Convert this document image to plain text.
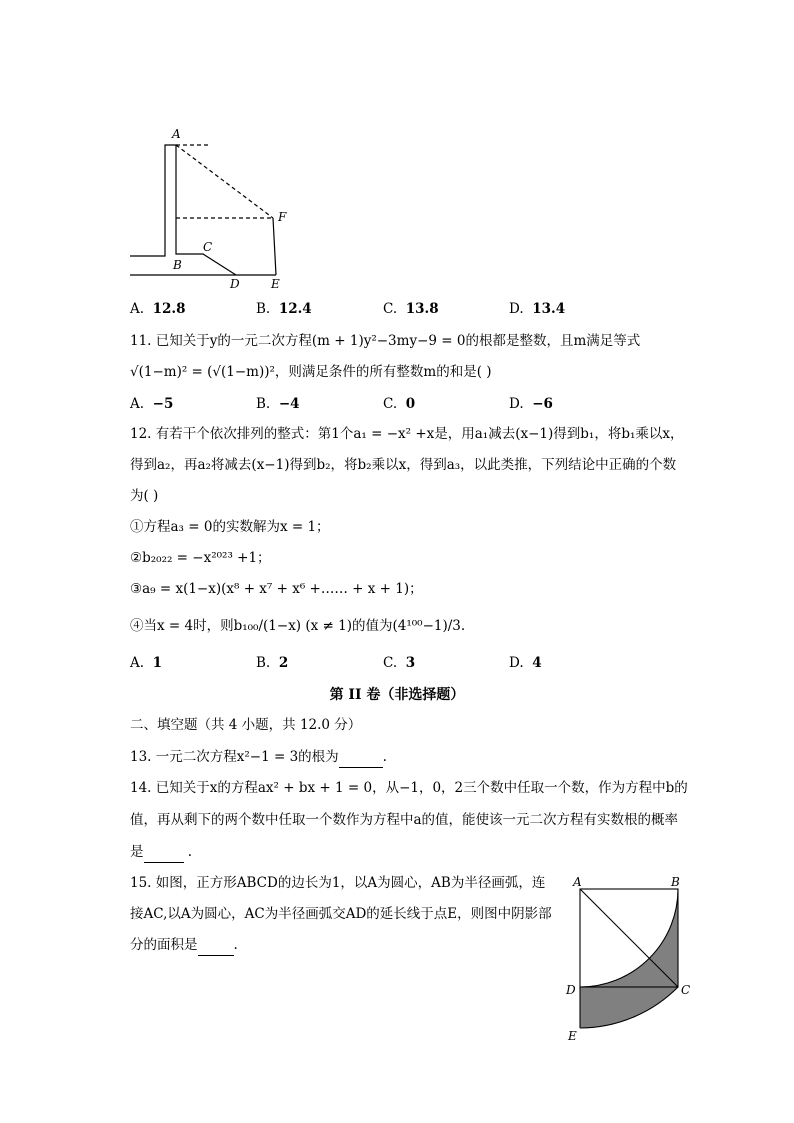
A
F
C
B
D	E
A. 12.8	B. 12.4	C. 13.8	D. 13.4
11. 已知关于y的一元二次方程(m + 1)y²−3my−9 = 0的根都是整数，且m满足等式
√(1−m)² = (√(1−m))²，则满足条件的所有整数m的和是( )
A. −5	B. −4	C. 0	D. −6
12. 有若干个依次排列的整式：第1个a₁ = −x² +x是，用a₁减去(x−1)得到b₁，将b₁乘以x，
得到a₂，再a₂将减去(x−1)得到b₂，将b₂乘以x，得到a₃，以此类推，下列结论中正确的个数
为( )
①方程a₃ = 0的实数解为x = 1；
②b₂₀₂₂ = −x²⁰²³ +1；
③a₉ = x(1−x)(x⁸ + x⁷ + x⁶ +…… + x + 1)；
④当x = 4时，则b₁₀₀/(1−x) (x ≠ 1)的值为(4¹⁰⁰−1)/3.
A. 1	B. 2	C. 3	D. 4
第 II 卷（非选择题）
二、填空题（共 4 小题，共 12.0 分）
13. 一元二次方程x²−1 = 3的根为	.
14. 已知关于x的方程ax² + bx + 1 = 0，从−1，0，2三个数中任取一个数，作为方程中b的
值，再从剩下的两个数中任取一个数作为方程中a的值，能使该一元二次方程有实数根的概率
是	.
15. 如图，正方形ABCD的边长为1，以A为圆心，AB为半径画弧，连
接AC,以A为圆心，AC为半径画弧交AD的延长线于点E，则图中阴影部
分的面积是	.
A	B
D	C
E
